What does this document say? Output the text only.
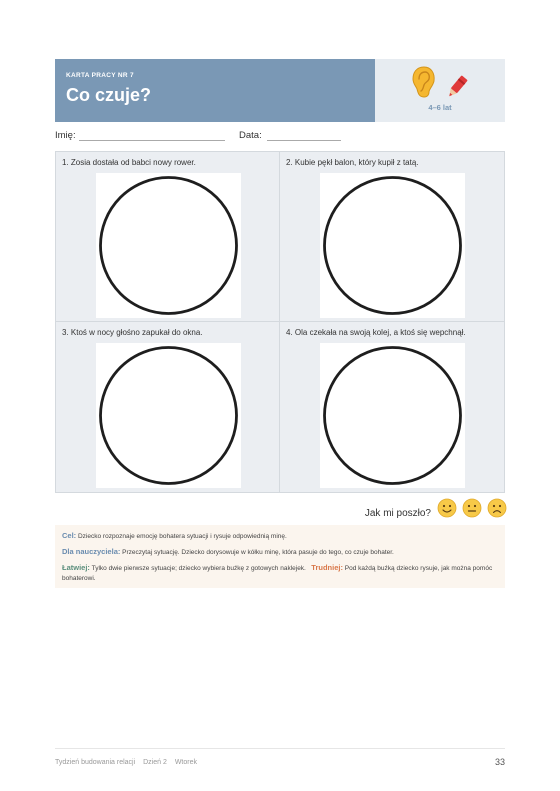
KARTA PRACY NR 7
Co czuje?
4–6 lat
Imię:	Data:
1. Zosia dostała od babci nowy rower.	2. Kubie pękł balon, który kupił z tatą.
3. Ktoś w nocy głośno zapukał do okna.	4. Ola czekała na swoją kolej, a ktoś się wepchnął.
Jak mi poszło?

Cel: Dziecko rozpoznaje emocję bohatera sytuacji i rysuje odpowiednią minę.

Dla nauczyciela: Przeczytaj sytuację. Dziecko dorysowuje w kółku minę, która pasuje do tego, co czuje bohater.

Łatwiej: Tylko dwie pierwsze sytuacje; dziecko wybiera buźkę z gotowych naklejek. Trudniej: Pod każdą buźką dziecko rysuje, jak można pomóc bohaterowi.

Tydzień budowania relacji Dzień 2 Wtorek	33
